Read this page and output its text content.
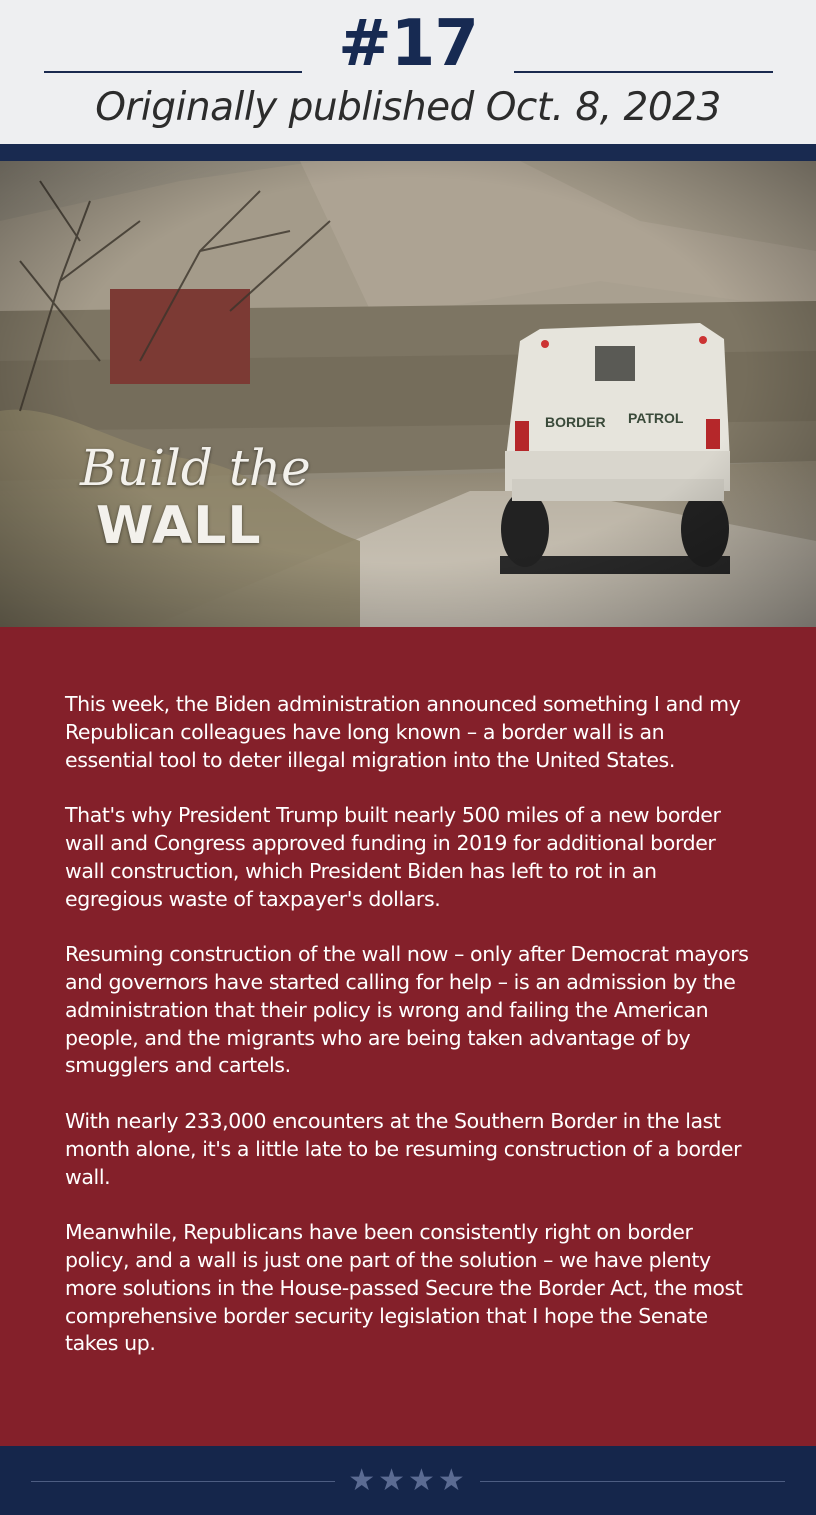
#17
Originally published Oct. 8, 2023
Build the
WALL

This week, the Biden administration announced something I and my Republican colleagues have long known – a border wall is an essential tool to deter illegal migration into the United States.

That's why President Trump built nearly 500 miles of a new border wall and Congress approved funding in 2019 for additional border wall construction, which President Biden has left to rot in an egregious waste of taxpayer's dollars.

Resuming construction of the wall now – only after Democrat mayors and governors have started calling for help – is an admission by the administration that their policy is wrong and failing the American people, and the migrants who are being taken advantage of by smugglers and cartels.

With nearly 233,000 encounters at the Southern Border in the last month alone, it's a little late to be resuming construction of a border wall.

Meanwhile, Republicans have been consistently right on border policy, and a wall is just one part of the solution – we have plenty more solutions in the House-passed Secure the Border Act, the most comprehensive border security legislation that I hope the Senate takes up.

★★★★
